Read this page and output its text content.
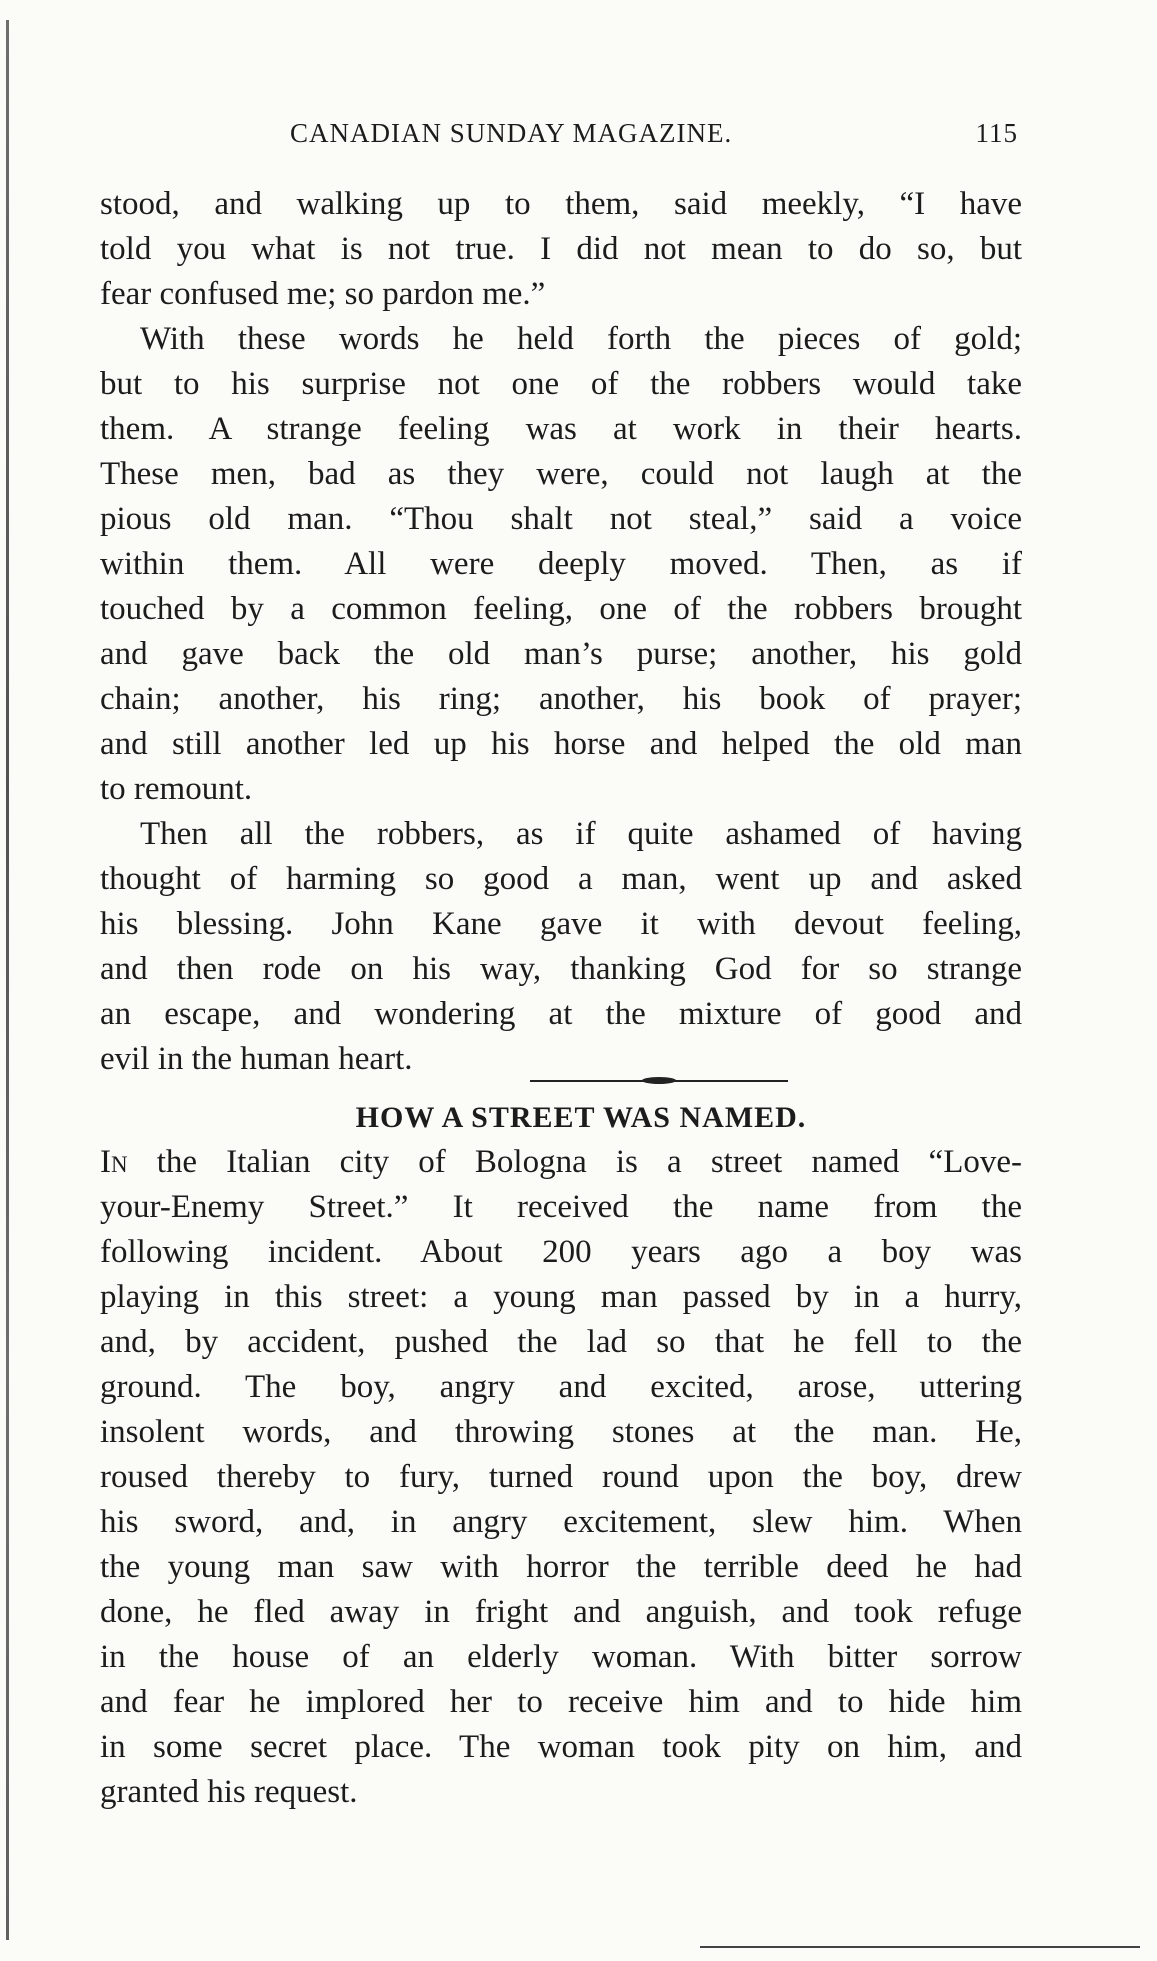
CANADIAN SUNDAY MAGAZINE.	115
stood, and walking up to them, said meekly, “I have
told you what is not true. I did not mean to do so, but
fear confused me; so pardon me.”
With these words he held forth the pieces of gold;
but to his surprise not one of the robbers would take
them. A strange feeling was at work in their hearts.
These men, bad as they were, could not laugh at the
pious old man. “Thou shalt not steal,” said a voice
within them. All were deeply moved. Then, as if
touched by a common feeling, one of the robbers brought
and gave back the old man’s purse; another, his gold
chain; another, his ring; another, his book of prayer;
and still another led up his horse and helped the old man
to remount.
Then all the robbers, as if quite ashamed of having
thought of harming so good a man, went up and asked
his blessing. John Kane gave it with devout feeling,
and then rode on his way, thanking God for so strange
an escape, and wondering at the mixture of good and
evil in the human heart.
HOW A STREET WAS NAMED.
In the Italian city of Bologna is a street named “Love-
your-Enemy Street.” It received the name from the
following incident. About 200 years ago a boy was
playing in this street: a young man passed by in a hurry,
and, by accident, pushed the lad so that he fell to the
ground. The boy, angry and excited, arose, uttering
insolent words, and throwing stones at the man. He,
roused thereby to fury, turned round upon the boy, drew
his sword, and, in angry excitement, slew him. When
the young man saw with horror the terrible deed he had
done, he fled away in fright and anguish, and took refuge
in the house of an elderly woman. With bitter sorrow
and fear he implored her to receive him and to hide him
in some secret place. The woman took pity on him, and
granted his request.
